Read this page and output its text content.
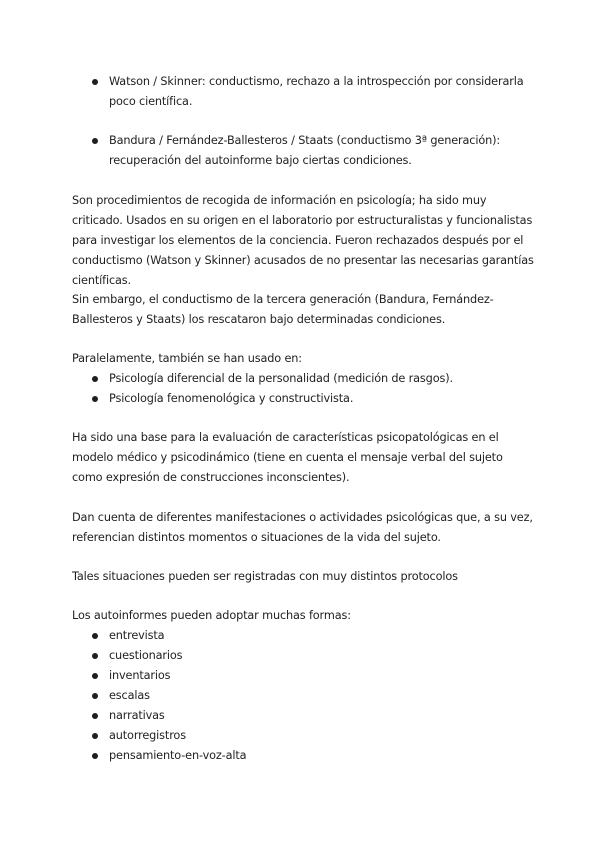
Watson / Skinner: conductismo, rechazo a la introspección por considerarla poco científica.
Bandura / Fernández-Ballesteros / Staats (conductismo 3ª generación): recuperación del autoinforme bajo ciertas condiciones.

Son procedimientos de recogida de información en psicología; ha sido muy criticado. Usados en su origen en el laboratorio por estructuralistas y funcionalistas para investigar los elementos de la conciencia. Fueron rechazados después por el conductismo (Watson y Skinner) acusados de no presentar las necesarias garantías científicas.

Sin embargo, el conductismo de la tercera generación (Bandura, Fernández-Ballesteros y Staats) los rescataron bajo determinadas condiciones.

Paralelamente, también se han usado en:

Psicología diferencial de la personalidad (medición de rasgos).
Psicología fenomenológica y constructivista.

Ha sido una base para la evaluación de características psicopatológicas en el modelo médico y psicodinámico (tiene en cuenta el mensaje verbal del sujeto como expresión de construcciones inconscientes).

Dan cuenta de diferentes manifestaciones o actividades psicológicas que, a su vez, referencian distintos momentos o situaciones de la vida del sujeto.

Tales situaciones pueden ser registradas con muy distintos protocolos

Los autoinformes pueden adoptar muchas formas:

entrevista
cuestionarios
inventarios
escalas
narrativas
autorregistros
pensamiento-en-voz-alta
